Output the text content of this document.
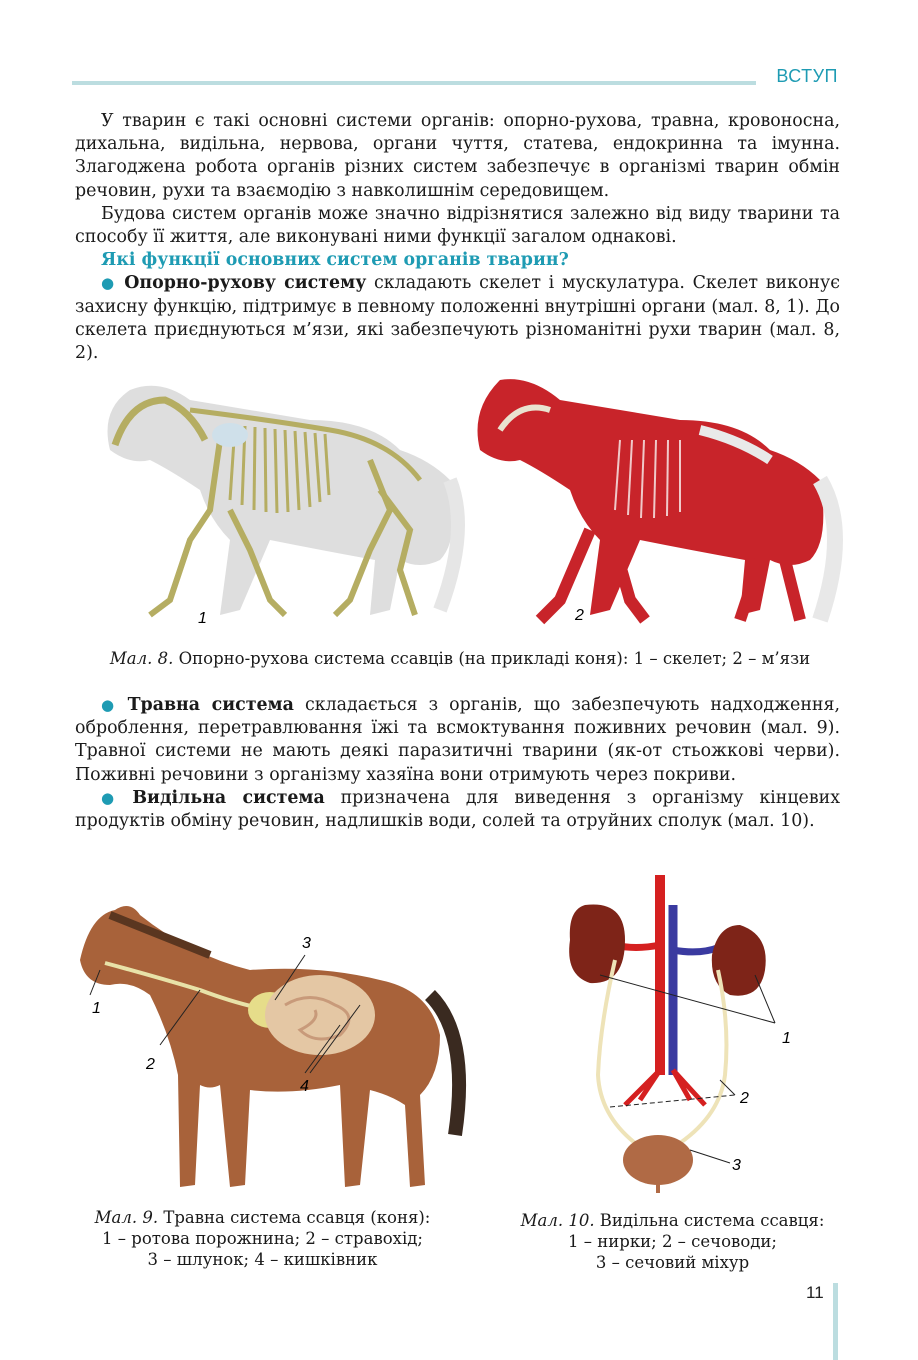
ВСТУП

У тварин є такі основні системи органів: опорно-рухова, травна, кровоносна, дихальна, видільна, нервова, органи чуття, статева, ендокринна та імунна. Злагоджена робота органів різних систем забезпечує в організмі тварин обмін речовин, рухи та взаємодію з навколишнім середовищем.

Будова систем органів може значно відрізнятися залежно від виду тварини та способу її життя, але виконувані ними функції загалом однакові.

Які функції основних систем органів тварин?

● Опорно-рухову систему складають скелет і мускулатура. Скелет виконує захисну функцію, підтримує в певному положенні внутрішні органи (мал. 8, 1). До скелета приєднуються м’язи, які забезпечують різноманітні рухи тварин (мал. 8, 2).

1	2
Мал. 8. Опорно-рухова система ссавців (на прикладі коня): 1 – скелет; 2 – м’язи

● Травна система складається з органів, що забезпечують надходження, оброблення, перетравлювання їжі та всмоктування поживних речовин (мал. 9). Травної системи не мають деякі паразитичні тварини (як-от стьожкові черви). Поживні речовини з організму хазяїна вони отримують через покриви.

● Видільна система призначена для виведення з організму кінцевих продуктів обміну речовин, надлишків води, солей та отруйних сполук (мал. 10).

1
2
3
4
Мал. 9. Травна система ссавця (коня):
1 – ротова порожнина; 2 – стравохід;
3 – шлунок; 4 – кишківник
1
2
3
Мал. 10. Видільна система ссавця:
1 – нирки; 2 – сечоводи;
3 – сечовий міхур
11
